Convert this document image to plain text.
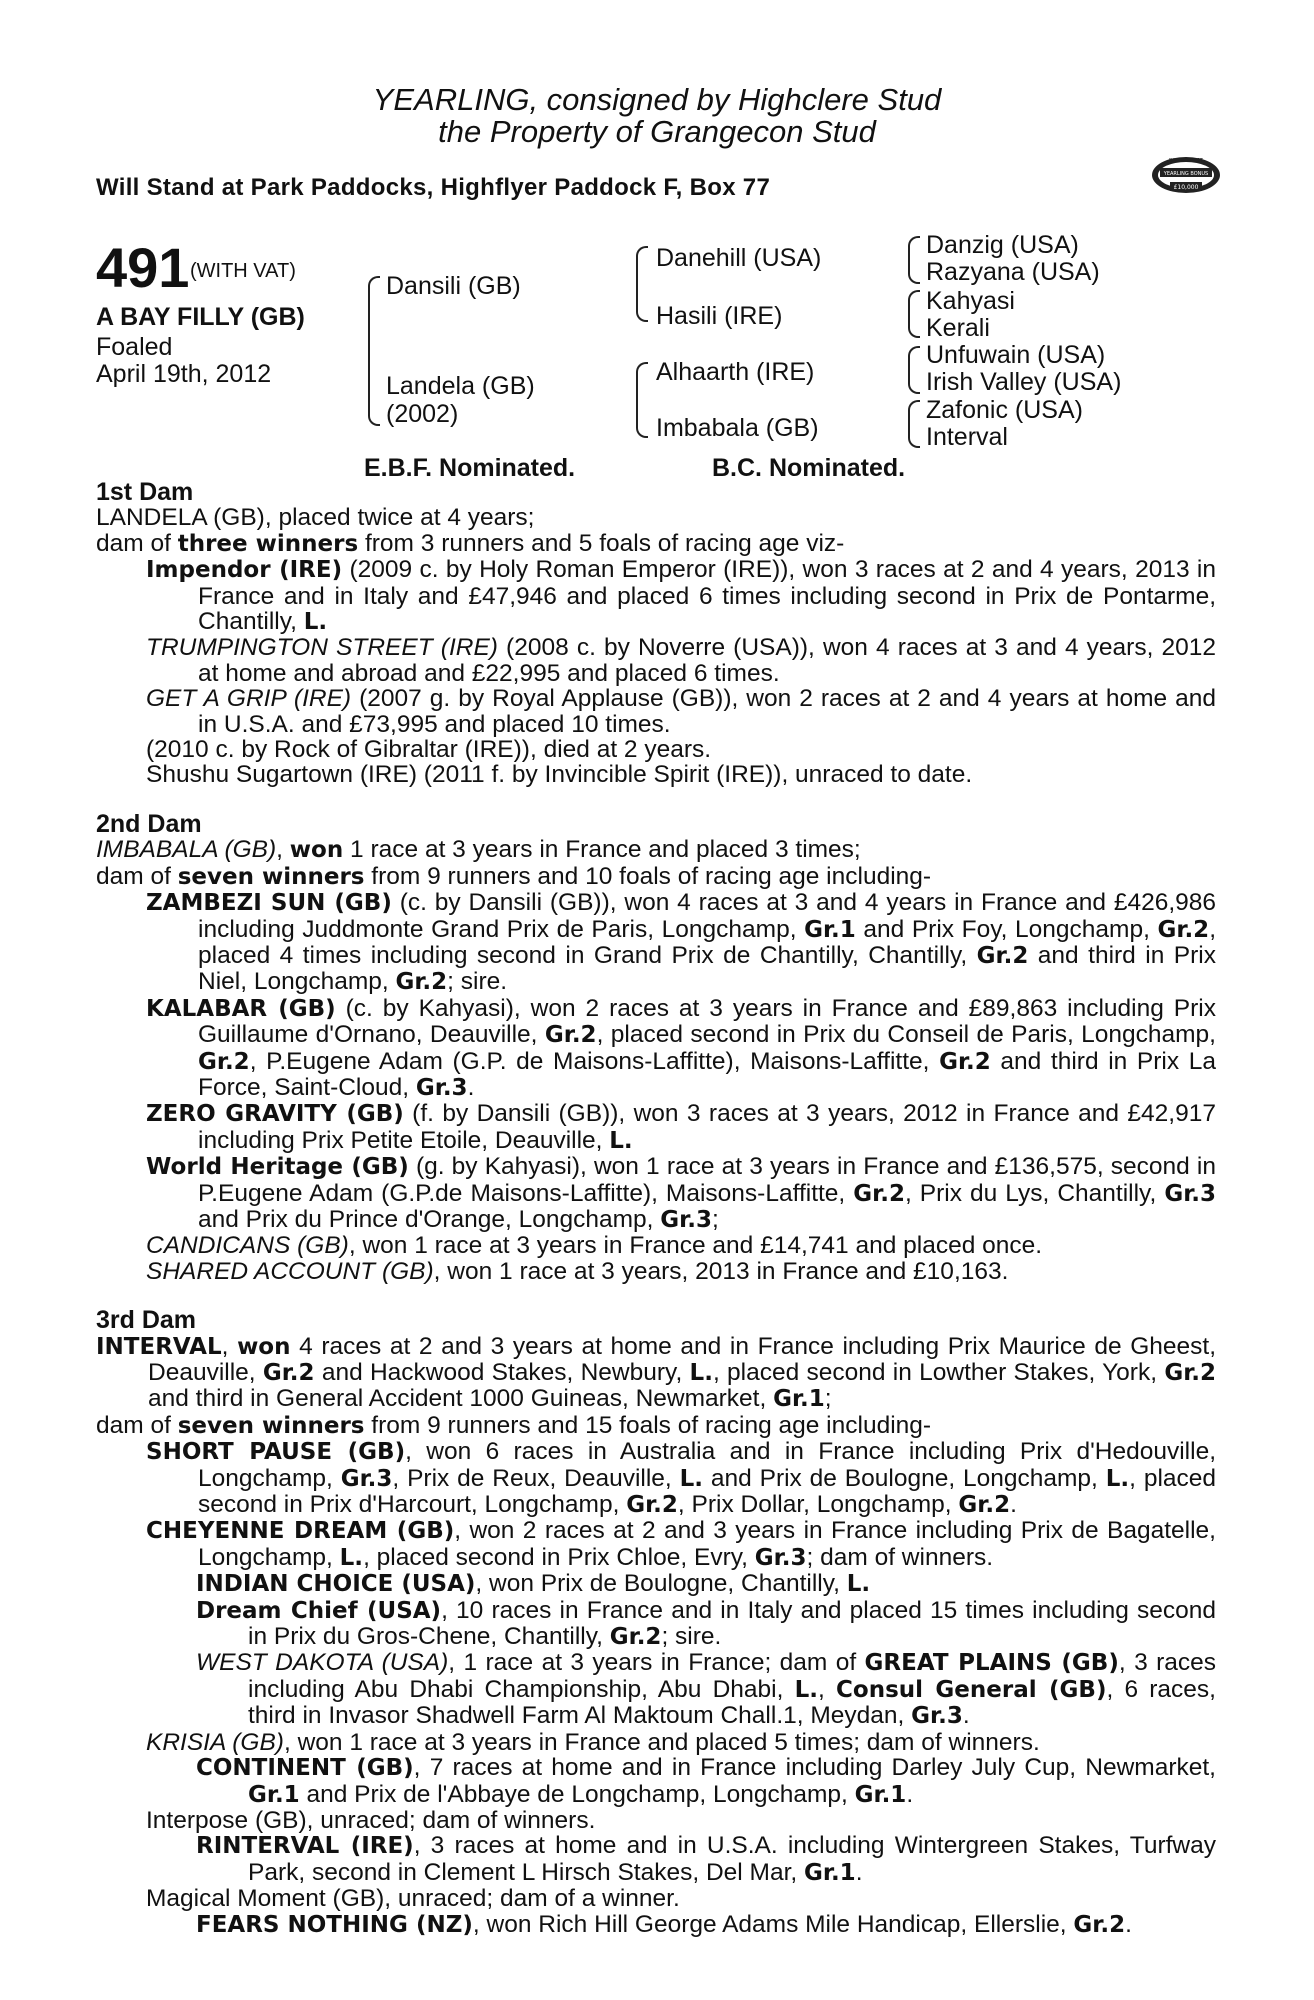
YEARLING, consigned by Highclere Stud
the Property of Grangecon Stud
Will Stand at Park Paddocks, Highflyer Paddock F, Box 77
RACING POST
YEARLING BONUS
£10,000
491 (WITH VAT)
A BAY FILLY (GB)
Foaled
April 19th, 2012
Dansili (GB)
Landela (GB)
(2002)
Danehill (USA)
Hasili (IRE)
Alhaarth (IRE)
Imbabala (GB)
Danzig (USA)
Razyana (USA)
Kahyasi
Kerali
Unfuwain (USA)
Irish Valley (USA)
Zafonic (USA)
Interval
E.B.F. Nominated.	B.C. Nominated.

1st Dam

LANDELA (GB), placed twice at 4 years;

dam of three winners from 3 runners and 5 foals of racing age viz-

Impendor (IRE) (2009 c. by Holy Roman Emperor (IRE)), won 3 races at 2 and 4 years, 2013 in France and in Italy and £47,946 and placed 6 times including second in Prix de Pontarme, Chantilly, L.

TRUMPINGTON STREET (IRE) (2008 c. by Noverre (USA)), won 4 races at 3 and 4 years, 2012 at home and abroad and £22,995 and placed 6 times.

GET A GRIP (IRE) (2007 g. by Royal Applause (GB)), won 2 races at 2 and 4 years at home and in U.S.A. and £73,995 and placed 10 times.

(2010 c. by Rock of Gibraltar (IRE)), died at 2 years.

Shushu Sugartown (IRE) (2011 f. by Invincible Spirit (IRE)), unraced to date.

2nd Dam

IMBABALA (GB), won 1 race at 3 years in France and placed 3 times;

dam of seven winners from 9 runners and 10 foals of racing age including-

ZAMBEZI SUN (GB) (c. by Dansili (GB)), won 4 races at 3 and 4 years in France and £426,986 including Juddmonte Grand Prix de Paris, Longchamp, Gr.1 and Prix Foy, Longchamp, Gr.2, placed 4 times including second in Grand Prix de Chantilly, Chantilly, Gr.2 and third in Prix Niel, Longchamp, Gr.2; sire.

KALABAR (GB) (c. by Kahyasi), won 2 races at 3 years in France and £89,863 including Prix Guillaume d'Ornano, Deauville, Gr.2, placed second in Prix du Conseil de Paris, Longchamp, Gr.2, P.Eugene Adam (G.P. de Maisons-Laffitte), Maisons-Laffitte, Gr.2 and third in Prix La Force, Saint-Cloud, Gr.3.

ZERO GRAVITY (GB) (f. by Dansili (GB)), won 3 races at 3 years, 2012 in France and £42,917 including Prix Petite Etoile, Deauville, L.

World Heritage (GB) (g. by Kahyasi), won 1 race at 3 years in France and £136,575, second in P.Eugene Adam (G.P.de Maisons-Laffitte), Maisons-Laffitte, Gr.2, Prix du Lys, Chantilly, Gr.3 and Prix du Prince d'Orange, Longchamp, Gr.3;

CANDICANS (GB), won 1 race at 3 years in France and £14,741 and placed once.

SHARED ACCOUNT (GB), won 1 race at 3 years, 2013 in France and £10,163.

3rd Dam

INTERVAL, won 4 races at 2 and 3 years at home and in France including Prix Maurice de Gheest, Deauville, Gr.2 and Hackwood Stakes, Newbury, L., placed second in Lowther Stakes, York, Gr.2 and third in General Accident 1000 Guineas, Newmarket, Gr.1;

dam of seven winners from 9 runners and 15 foals of racing age including-

SHORT PAUSE (GB), won 6 races in Australia and in France including Prix d'Hedouville, Longchamp, Gr.3, Prix de Reux, Deauville, L. and Prix de Boulogne, Longchamp, L., placed second in Prix d'Harcourt, Longchamp, Gr.2, Prix Dollar, Longchamp, Gr.2.

CHEYENNE DREAM (GB), won 2 races at 2 and 3 years in France including Prix de Bagatelle, Longchamp, L., placed second in Prix Chloe, Evry, Gr.3; dam of winners.

INDIAN CHOICE (USA), won Prix de Boulogne, Chantilly, L.

Dream Chief (USA), 10 races in France and in Italy and placed 15 times including second in Prix du Gros-Chene, Chantilly, Gr.2; sire.

WEST DAKOTA (USA), 1 race at 3 years in France; dam of GREAT PLAINS (GB), 3 races including Abu Dhabi Championship, Abu Dhabi, L., Consul General (GB), 6 races, third in Invasor Shadwell Farm Al Maktoum Chall.1, Meydan, Gr.3.

KRISIA (GB), won 1 race at 3 years in France and placed 5 times; dam of winners.

CONTINENT (GB), 7 races at home and in France including Darley July Cup, Newmarket, Gr.1 and Prix de l'Abbaye de Longchamp, Longchamp, Gr.1.

Interpose (GB), unraced; dam of winners.

RINTERVAL (IRE), 3 races at home and in U.S.A. including Wintergreen Stakes, Turfway Park, second in Clement L Hirsch Stakes, Del Mar, Gr.1.

Magical Moment (GB), unraced; dam of a winner.

FEARS NOTHING (NZ), won Rich Hill George Adams Mile Handicap, Ellerslie, Gr.2.
